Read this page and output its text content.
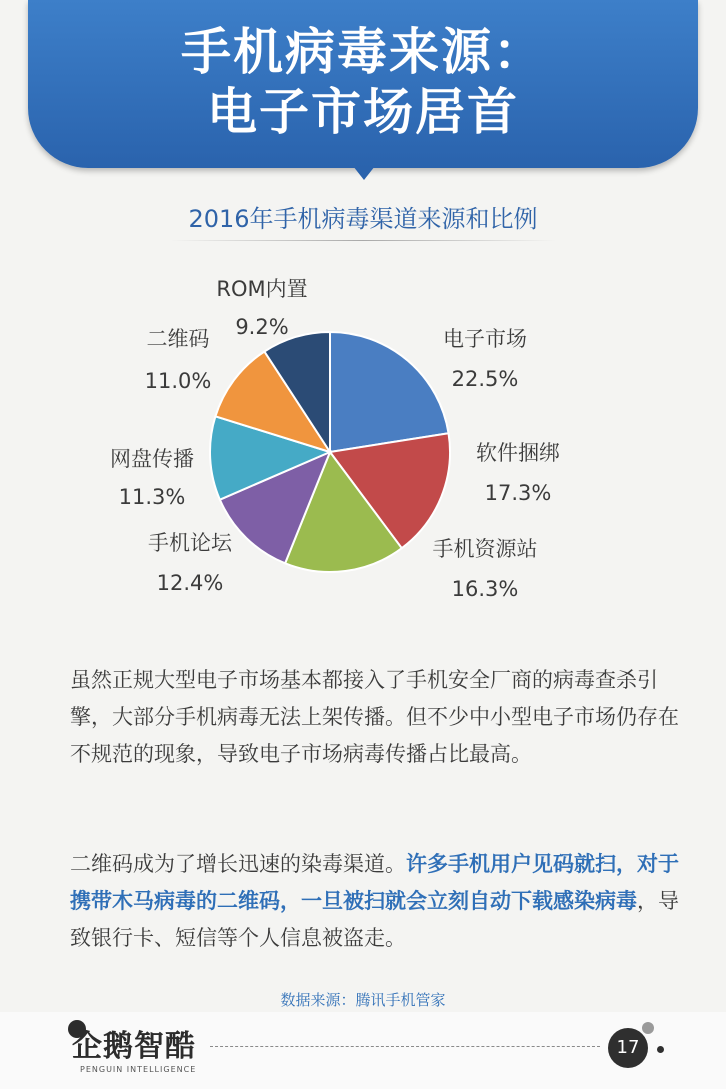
手机病毒来源：
电子市场居首
2016年手机病毒渠道来源和比例
电子市场
22.5%
软件捆绑
17.3%
手机资源站
16.3%
手机论坛
12.4%
网盘传播
11.3%
二维码
11.0%
ROM内置
9.2%

虽然正规大型电子市场基本都接入了手机安全厂商的病毒查杀引擎，大部分手机病毒无法上架传播。但不少中小型电子市场仍存在不规范的现象，导致电子市场病毒传播占比最高。

二维码成为了增长迅速的染毒渠道。许多手机用户见码就扫，对于携带木马病毒的二维码，一旦被扫就会立刻自动下载感染病毒，导致银行卡、短信等个人信息被盗走。

数据来源：腾讯手机管家
企鹅智酷
PENGUIN INTELLIGENCE
17
